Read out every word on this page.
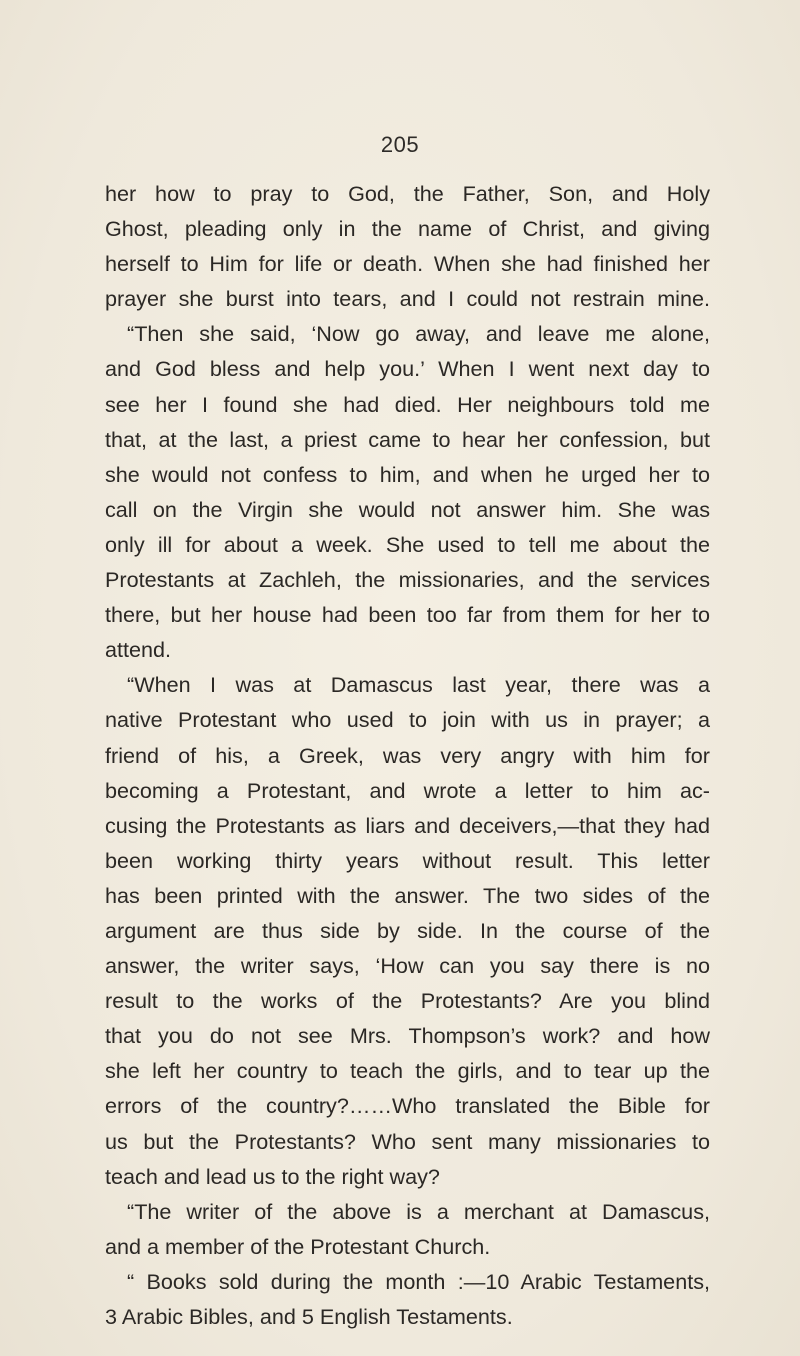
205
her how to pray to God, the Father, Son, and Holy
Ghost, pleading only in the name of Christ, and giving
herself to Him for life or death. When she had finished her
prayer she burst into tears, and I could not restrain mine.
“Then she said, ‘Now go away, and leave me alone,
and God bless and help you.’ When I went next day to
see her I found she had died. Her neighbours told me
that, at the last, a priest came to hear her confession, but
she would not confess to him, and when he urged her to
call on the Virgin she would not answer him. She was
only ill for about a week. She used to tell me about the
Protestants at Zachleh, the missionaries, and the services
there, but her house had been too far from them for her to
attend.
“When I was at Damascus last year, there was a
native Protestant who used to join with us in prayer; a
friend of his, a Greek, was very angry with him for
becoming a Protestant, and wrote a letter to him ac-
cusing the Protestants as liars and deceivers,—that they had
been working thirty years without result. This letter
has been printed with the answer. The two sides of the
argument are thus side by side. In the course of the
answer, the writer says, ‘How can you say there is no
result to the works of the Protestants? Are you blind
that you do not see Mrs. Thompson’s work? and how
she left her country to teach the girls, and to tear up the
errors of the country?……Who translated the Bible for
us but the Protestants? Who sent many missionaries to
teach and lead us to the right way?
“The writer of the above is a merchant at Damascus,
and a member of the Protestant Church.
“ Books sold during the month :—10 Arabic Testaments,
3 Arabic Bibles, and 5 English Testaments.
